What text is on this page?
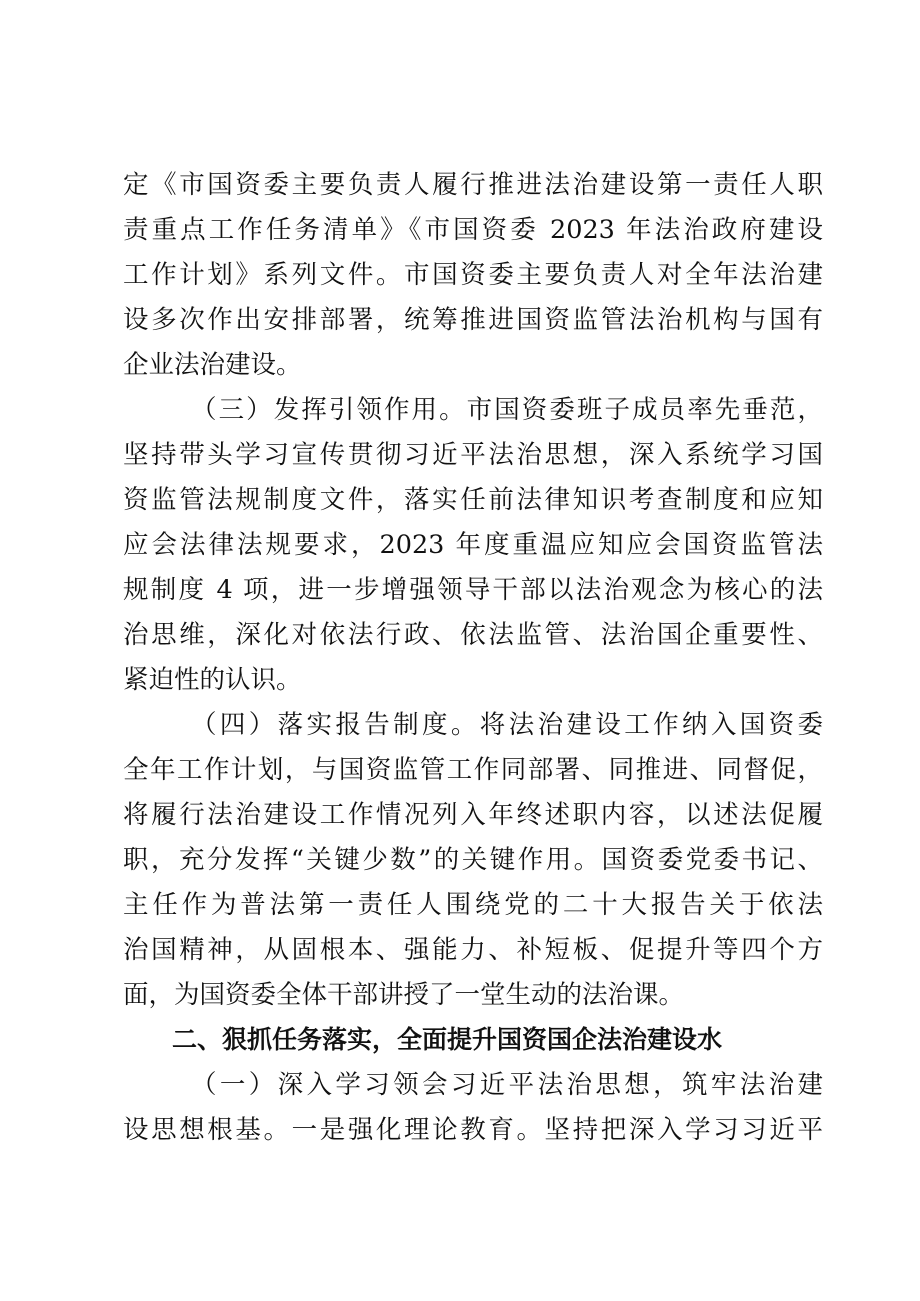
定《市国资委主要负责人履行推进法治建设第一责任人职
责重点工作任务清单》《市国资委 2023 年法治政府建设
工作计划》系列文件。市国资委主要负责人对全年法治建
设多次作出安排部署，统筹推进国资监管法治机构与国有
企业法治建设。
（三）发挥引领作用。市国资委班子成员率先垂范，
坚持带头学习宣传贯彻习近平法治思想，深入系统学习国
资监管法规制度文件，落实任前法律知识考查制度和应知
应会法律法规要求，2023 年度重温应知应会国资监管法
规制度 4 项，进一步增强领导干部以法治观念为核心的法
治思维，深化对依法行政、依法监管、法治国企重要性、
紧迫性的认识。
（四）落实报告制度。将法治建设工作纳入国资委
全年工作计划，与国资监管工作同部署、同推进、同督促，
将履行法治建设工作情况列入年终述职内容，以述法促履
职，充分发挥“关键少数”的关键作用。国资委党委书记、
主任作为普法第一责任人围绕党的二十大报告关于依法
治国精神，从固根本、强能力、补短板、促提升等四个方
面，为国资委全体干部讲授了一堂生动的法治课。
二、狠抓任务落实，全面提升国资国企法治建设水
（一）深入学习领会习近平法治思想，筑牢法治建
设思想根基。一是强化理论教育。坚持把深入学习习近平
